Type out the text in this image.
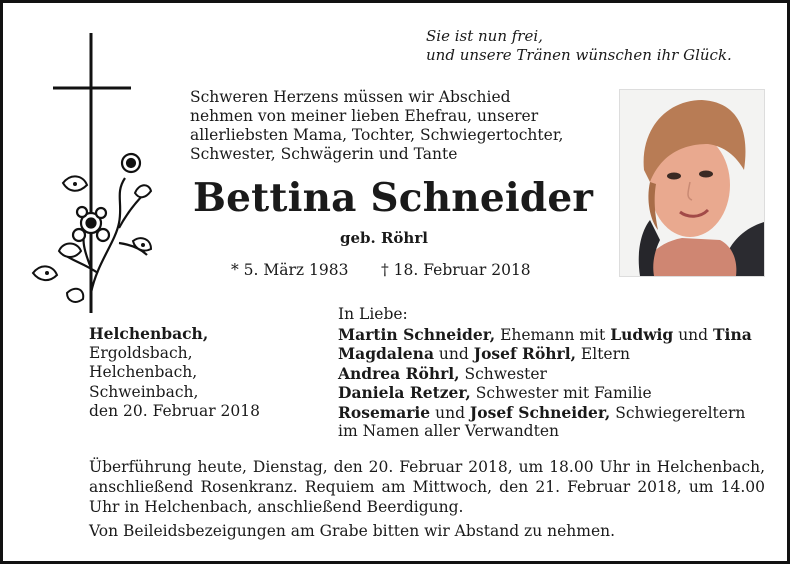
Sie ist nun frei,
und unsere Tränen wünschen ihr Glück.
Schweren Herzens müssen wir Abschied
nehmen von meiner lieben Ehefrau, unserer
allerliebsten Mama, Tochter, Schwiegertochter,
Schwester, Schwägerin und Tante
Bettina Schneider
geb. Röhrl
* 5. März 1983 † 18. Februar 2018
Helchenbach,
Ergoldsbach,
Helchenbach,
Schweinbach,
den 20. Februar 2018
In Liebe:
Martin Schneider, Ehemann mit Ludwig und Tina
Magdalena und Josef Röhrl, Eltern
Andrea Röhrl, Schwester
Daniela Retzer, Schwester mit Familie
Rosemarie und Josef Schneider, Schwiegereltern
im Namen aller Verwandten
Überführung heute, Dienstag, den 20. Februar 2018, um 18.00 Uhr in Helchenbach, anschließend Rosenkranz. Requiem am Mittwoch, den 21. Februar 2018, um 14.00 Uhr in Helchenbach, anschließend Beerdigung.
Von Beileidsbezeigungen am Grabe bitten wir Abstand zu nehmen.
